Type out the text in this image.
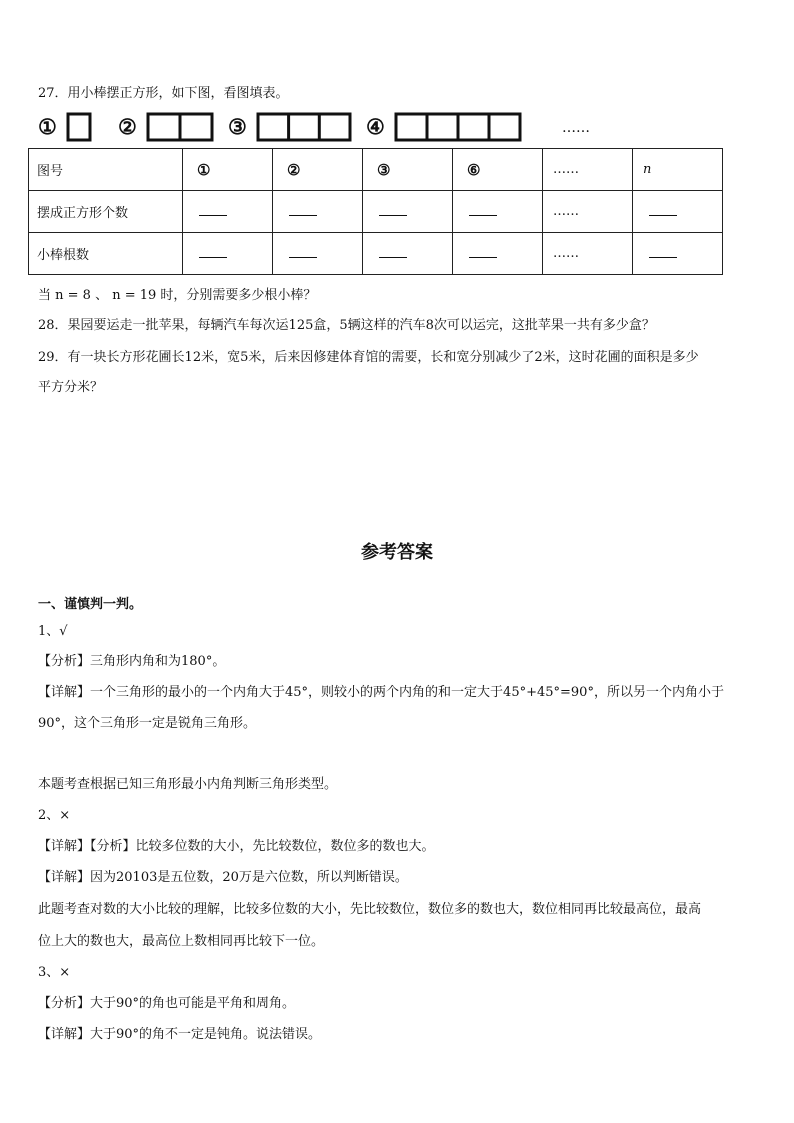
27．用小棒摆正方形，如下图，看图填表。
①	②	③	④	……
图号	①	②	③	⑥	……	n
摆成正方形个数					……	
小棒根数					……	
当 n = 8 、 n = 19 时，分别需要多少根小棒？
28．果园要运走一批苹果，每辆汽车每次运125盒，5辆这样的汽车8次可以运完，这批苹果一共有多少盒？
29．有一块长方形花圃长12米，宽5米，后来因修建体育馆的需要，长和宽分别减少了2米，这时花圃的面积是多少
平方分米？
参考答案
一、谨慎判一判。
1、√
【分析】三角形内角和为180°。
【详解】一个三角形的最小的一个内角大于45°，则较小的两个内角的和一定大于45°+45°=90°，所以另一个内角小于
90°，这个三角形一定是锐角三角形。
本题考查根据已知三角形最小内角判断三角形类型。
2、×
【详解】【分析】比较多位数的大小，先比较数位，数位多的数也大。
【详解】因为20103是五位数，20万是六位数，所以判断错误。
此题考查对数的大小比较的理解，比较多位数的大小，先比较数位，数位多的数也大，数位相同再比较最高位，最高
位上大的数也大，最高位上数相同再比较下一位。
3、×
【分析】大于90°的角也可能是平角和周角。
【详解】大于90°的角不一定是钝角。说法错误。
